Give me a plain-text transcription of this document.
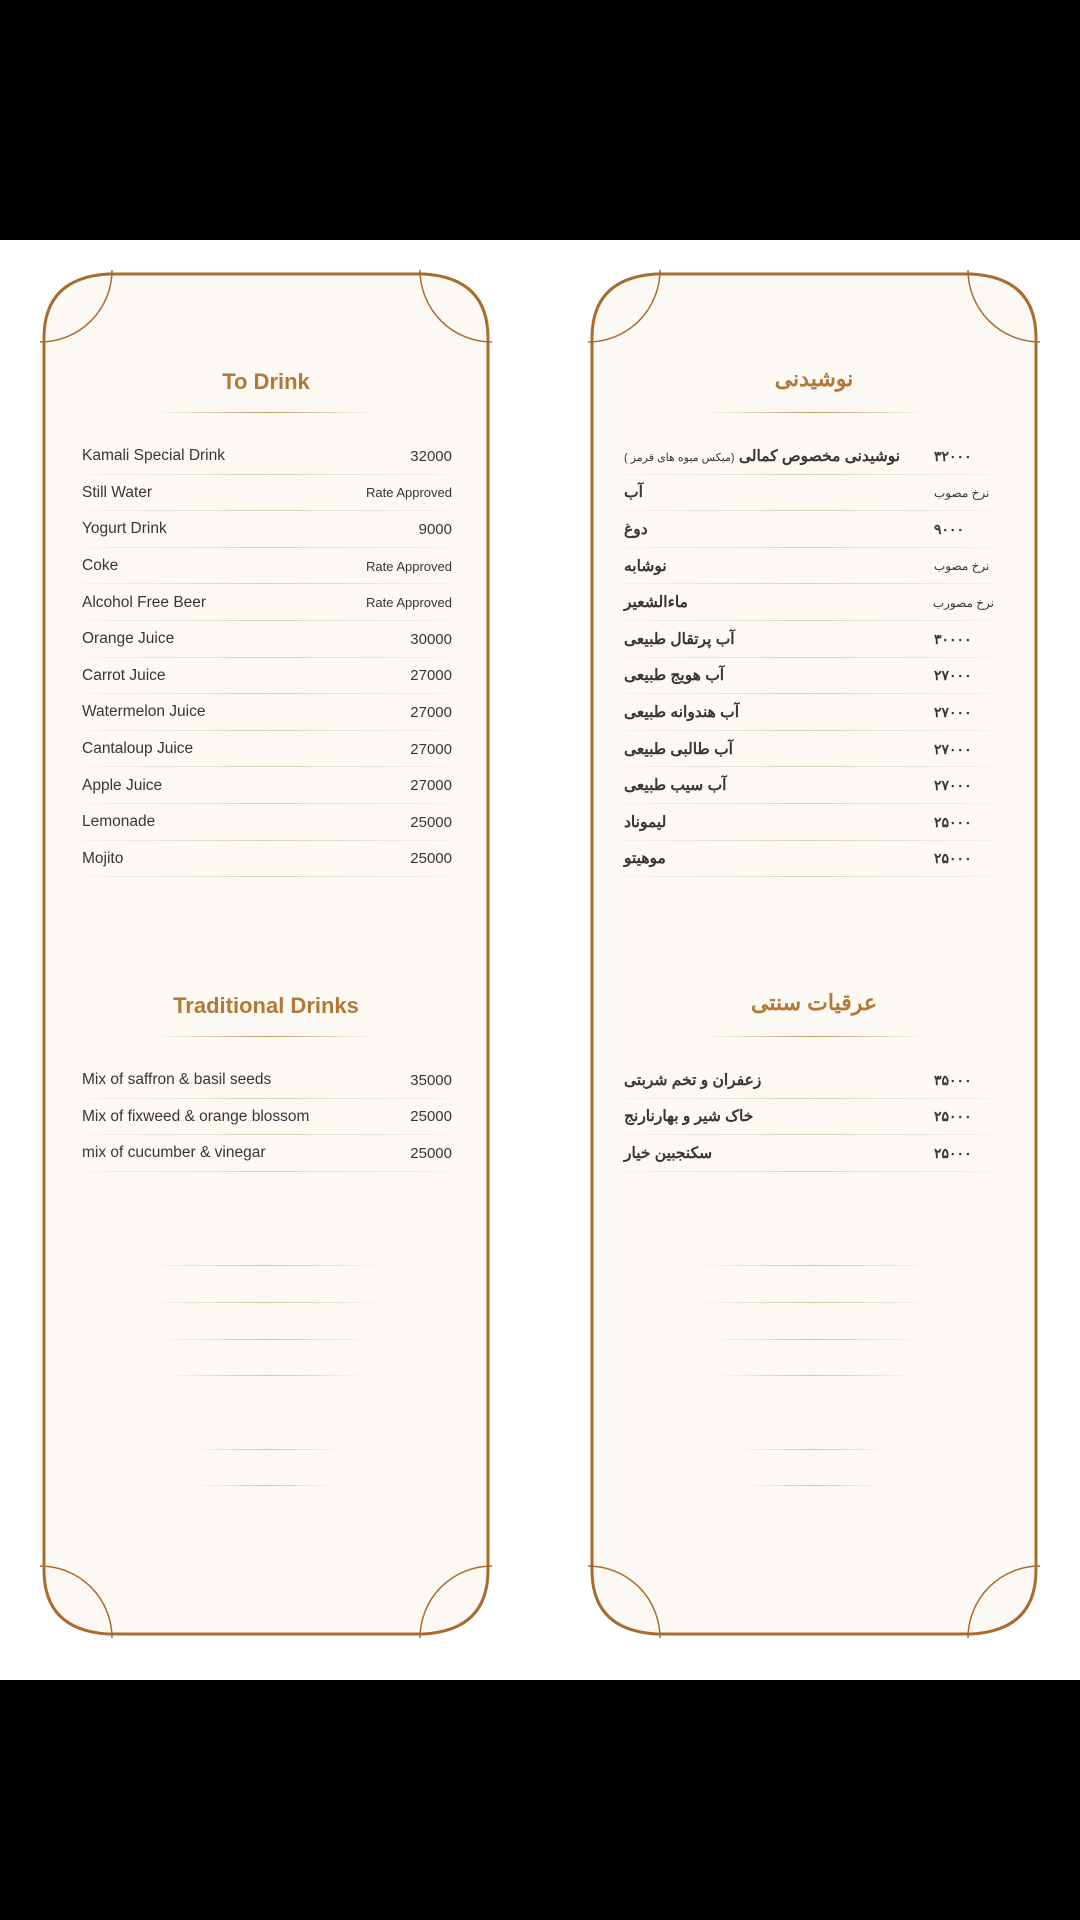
To Drink
Kamali Special Drink	32000
Still Water	Rate Approved
Yogurt Drink	9000
Coke	Rate Approved
Alcohol Free Beer	Rate Approved
Orange Juice	30000
Carrot Juice	27000
Watermelon Juice	27000
Cantaloup Juice	27000
Apple Juice	27000
Lemonade	25000
Mojito	25000
Traditional Drinks
Mix of saffron & basil seeds	35000
Mix of fixweed & orange blossom	25000
mix of cucumber & vinegar	25000
نوشیدنی
نوشیدنی مخصوص کمالی (میکس میوه های قرمز )	۳۲۰۰۰
آب	نرخ مصوب
دوغ	۹۰۰۰
نوشابه	نرخ مصوب
ماءالشعیر	نرخ مصورب
آب پرتقال طبیعی	۳۰۰۰۰
آب هویج طبیعی	۲۷۰۰۰
آب هندوانه طبیعی	۲۷۰۰۰
آب طالبی طبیعی	۲۷۰۰۰
آب سیب طبیعی	۲۷۰۰۰
لیموناد	۲۵۰۰۰
موهیتو	۲۵۰۰۰
عرقیات سنتی
زعفران و تخم شربتی	۳۵۰۰۰
خاک شیر و بهارنارنج	۲۵۰۰۰
سکنجبین خیار	۲۵۰۰۰
